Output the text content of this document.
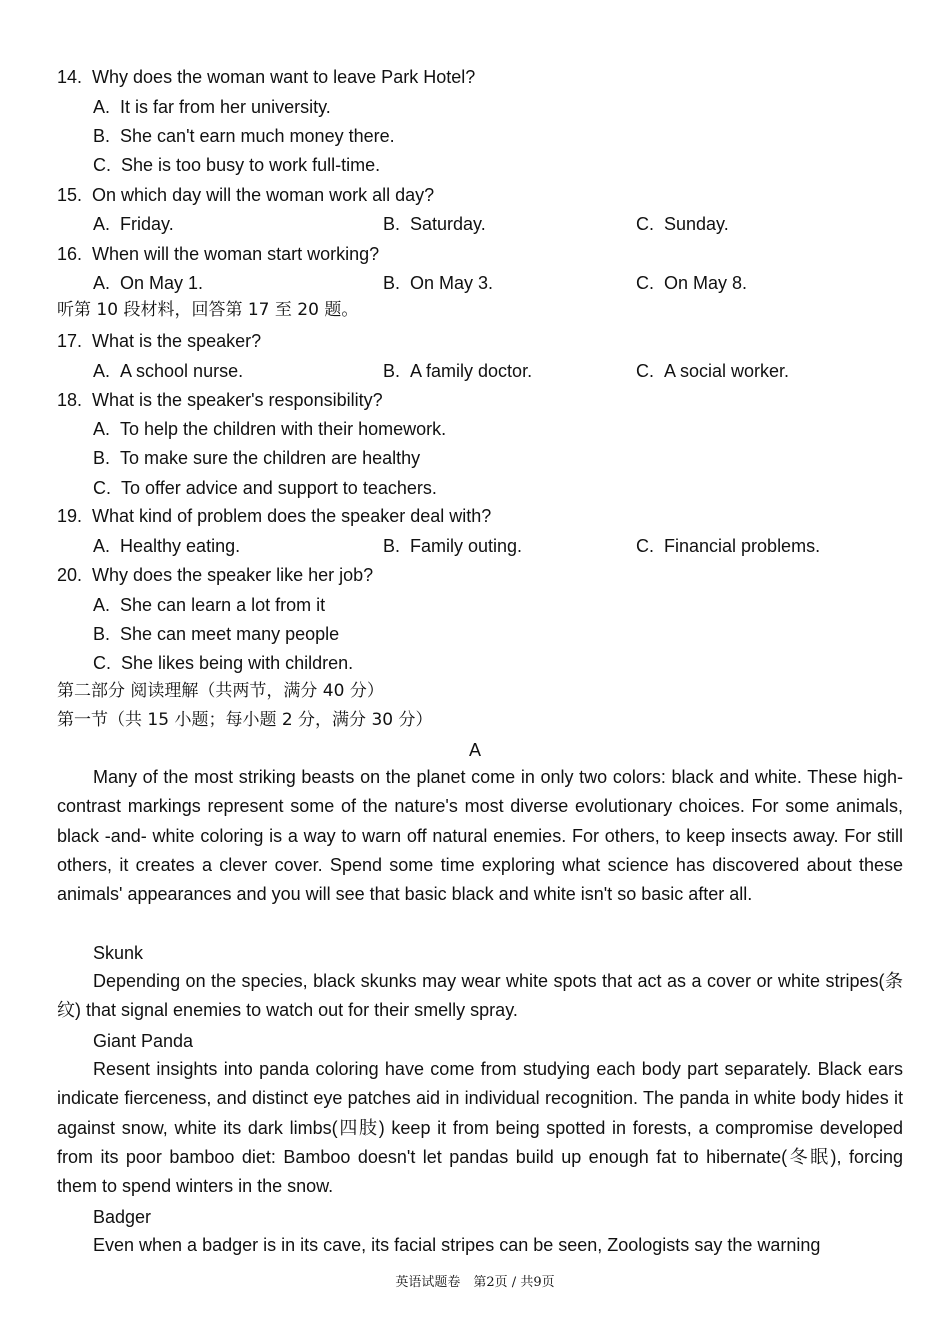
14. Why does the woman want to leave Park Hotel?
A. It is far from her university.
B. She can't earn much money there.
C. She is too busy to work full-time.
15. On which day will the woman work all day?
A. Friday.	B. Saturday.	C. Sunday.
16. When will the woman start working?
A. On May 1.	B. On May 3.	C. On May 8.
听第 10 段材料，回答第 17 至 20 题。
17. What is the speaker?
A. A school nurse.	B. A family doctor.	C. A social worker.
18. What is the speaker's responsibility?
A. To help the children with their homework.
B. To make sure the children are healthy
C. To offer advice and support to teachers.
19. What kind of problem does the speaker deal with?
A. Healthy eating.	B. Family outing.	C. Financial problems.
20. Why does the speaker like her job?
A. She can learn a lot from it
B. She can meet many people
C. She likes being with children.
第二部分 阅读理解（共两节，满分 40 分）
第一节（共 15 小题；每小题 2 分，满分 30 分）
A
Many of the most striking beasts on the planet come in only two colors: black and white. These high-contrast markings represent some of the nature's most diverse evolutionary choices. For some animals, black -and- white coloring is a way to warn off natural enemies. For others, to keep insects away. For still others, it creates a clever cover. Spend some time exploring what science has discovered about these animals' appearances and you will see that basic black and white isn't so basic after all.
Skunk
Depending on the species, black skunks may wear white spots that act as a cover or white stripes(条纹) that signal enemies to watch out for their smelly spray.
Giant Panda
Resent insights into panda coloring have come from studying each body part separately. Black ears indicate fierceness, and distinct eye patches aid in individual recognition. The panda in white body hides it against snow, white its dark limbs(四肢) keep it from being spotted in forests, a compromise developed from its poor bamboo diet: Bamboo doesn't let pandas build up enough fat to hibernate(冬眠), forcing them to spend winters in the snow.
Badger
Even when a badger is in its cave, its facial stripes can be seen, Zoologists say the warning
英语试题卷　第2页 / 共9页
